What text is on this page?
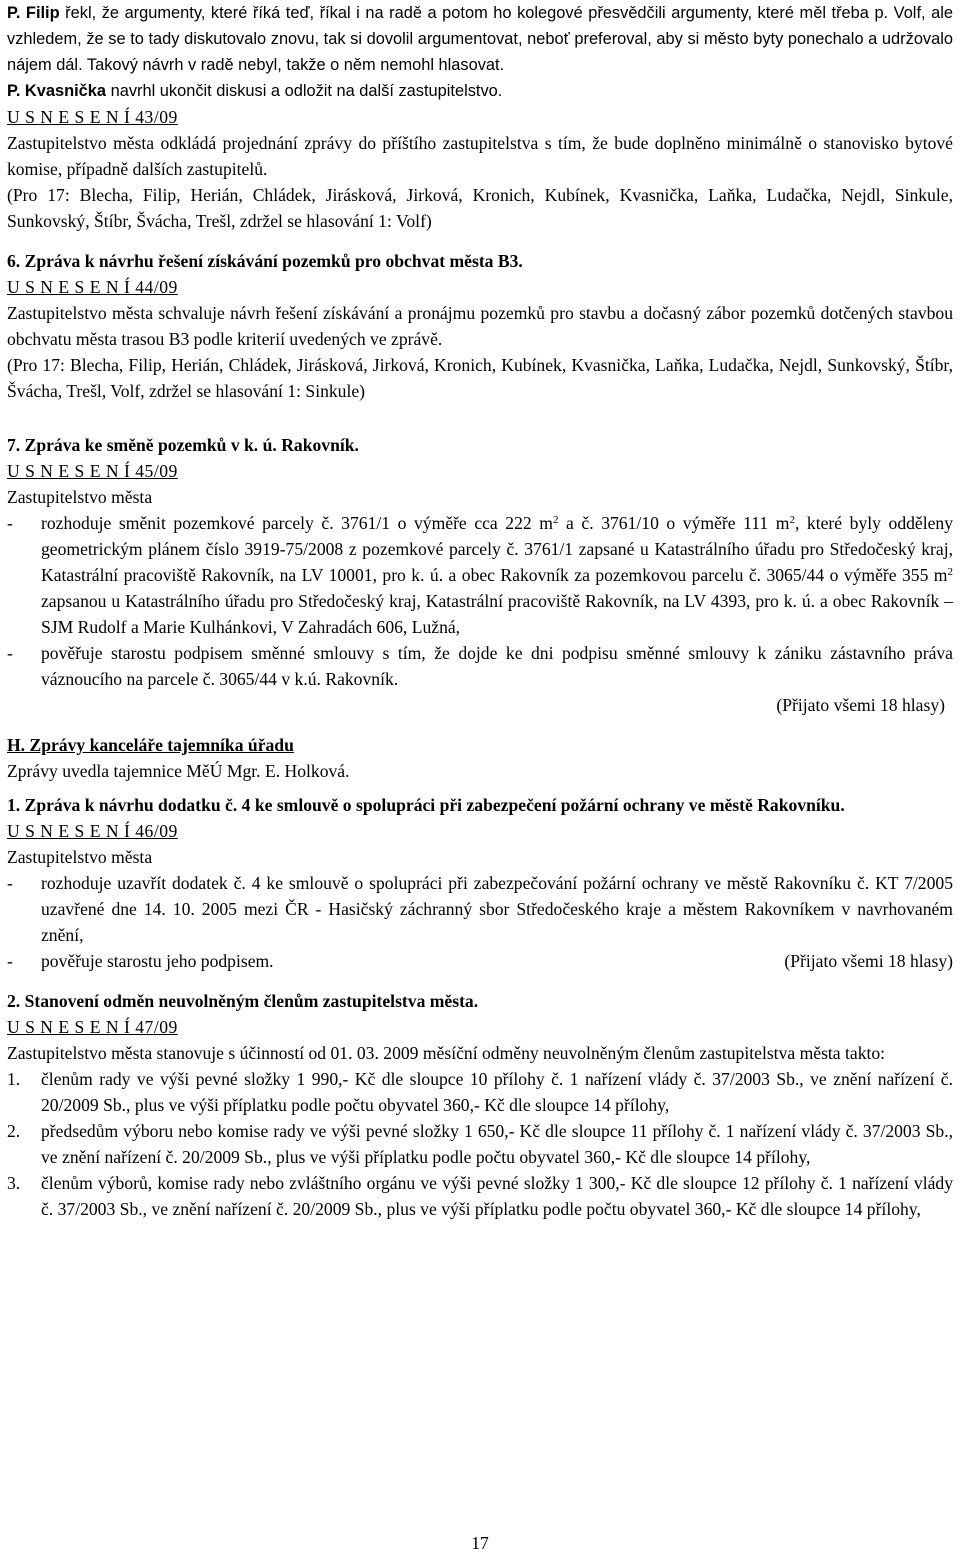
P. Filip řekl, že argumenty, které říká teď, říkal i na radě a potom ho kolegové přesvědčili argumenty, které měl třeba p. Volf, ale vzhledem, že se to tady diskutovalo znovu, tak si dovolil argumentovat, neboť preferoval, aby si město byty ponechalo a udržovalo nájem dál. Takový návrh v radě nebyl, takže o něm nemohl hlasovat.

P. Kvasnička navrhl ukončit diskusi a odložit na další zastupitelstvo.

U S N E S E N Í 43/09

Zastupitelstvo města odkládá projednání zprávy do příštího zastupitelstva s tím, že bude doplněno minimálně o stanovisko bytové komise, případně dalších zastupitelů.

(Pro 17: Blecha, Filip, Herián, Chládek, Jirásková, Jirková, Kronich, Kubínek, Kvasnička, Laňka, Ludačka, Nejdl, Sinkule, Sunkovský, Štíbr, Švácha, Trešl, zdržel se hlasování 1: Volf)

6. Zpráva k návrhu řešení získávání pozemků pro obchvat města B3.

U S N E S E N Í 44/09

Zastupitelstvo města schvaluje návrh řešení získávání a pronájmu pozemků pro stavbu a dočasný zábor pozemků dotčených stavbou obchvatu města trasou B3 podle kriterií uvedených ve zprávě.

(Pro 17: Blecha, Filip, Herián, Chládek, Jirásková, Jirková, Kronich, Kubínek, Kvasnička, Laňka, Ludačka, Nejdl, Sunkovský, Štíbr, Švácha, Trešl, Volf, zdržel se hlasování 1: Sinkule)

7. Zpráva ke směně pozemků v k. ú. Rakovník.

U S N E S E N Í 45/09

Zastupitelstvo města

-	rozhoduje směnit pozemkové parcely č. 3761/1 o výměře cca 222 $m^2$ a č. 3761/10 o výměře 111 $m^2$, které byly odděleny geometrickým plánem číslo 3919-75/2008 z pozemkové parcely č. 3761/1 zapsané u Katastrálního úřadu pro Středočeský kraj, Katastrální pracoviště Rakovník, na LV 10001, pro k. ú. a obec Rakovník za pozemkovou parcelu č. 3065/44 o výměře 355 $m^2$ zapsanou u Katastrálního úřadu pro Středočeský kraj, Katastrální pracoviště Rakovník, na LV 4393, pro k. ú. a obec Rakovník – SJM Rudolf a Marie Kulhánkovi, V Zahradách 606, Lužná,
-	pověřuje starostu podpisem směnné smlouvy s tím, že dojde ke dni podpisu směnné smlouvy k zániku zástavního práva váznoucího na parcele č. 3065/44 v k.ú. Rakovník.

(Přijato všemi 18 hlasy)

H. Zprávy kanceláře tajemníka úřadu

Zprávy uvedla tajemnice MěÚ Mgr. E. Holková.

1. Zpráva k návrhu dodatku č. 4 ke smlouvě o spolupráci při zabezpečení požární ochrany ve městě Rakovníku.

U S N E S E N Í 46/09

Zastupitelstvo města

-	rozhoduje uzavřít dodatek č. 4 ke smlouvě o spolupráci při zabezpečování požární ochrany ve městě Rakovníku č. KT 7/2005 uzavřené dne 14. 10. 2005 mezi ČR - Hasičský záchranný sbor Středočeského kraje a městem Rakovníkem v navrhovaném znění,
-	pověřuje starostu jeho podpisem.	(Přijato všemi 18 hlasy)

2. Stanovení odměn neuvolněným členům zastupitelstva města.

U S N E S E N Í 47/09

Zastupitelstvo města stanovuje s účinností od 01. 03. 2009 měsíční odměny neuvolněným členům zastupitelstva města takto:

1.	členům rady ve výši pevné složky 1 990,- Kč dle sloupce 10 přílohy č. 1 nařízení vlády č. 37/2003 Sb., ve znění nařízení č. 20/2009 Sb., plus ve výši příplatku podle počtu obyvatel 360,- Kč dle sloupce 14 přílohy,
2.	předsedům výboru nebo komise rady ve výši pevné složky 1 650,- Kč dle sloupce 11 přílohy č. 1 nařízení vlády č. 37/2003 Sb., ve znění nařízení č. 20/2009 Sb., plus ve výši příplatku podle počtu obyvatel 360,- Kč dle sloupce 14 přílohy,
3.	členům výborů, komise rady nebo zvláštního orgánu ve výši pevné složky 1 300,- Kč dle sloupce 12 přílohy č. 1 nařízení vlády č. 37/2003 Sb., ve znění nařízení č. 20/2009 Sb., plus ve výši příplatku podle počtu obyvatel 360,- Kč dle sloupce 14 přílohy,
17
